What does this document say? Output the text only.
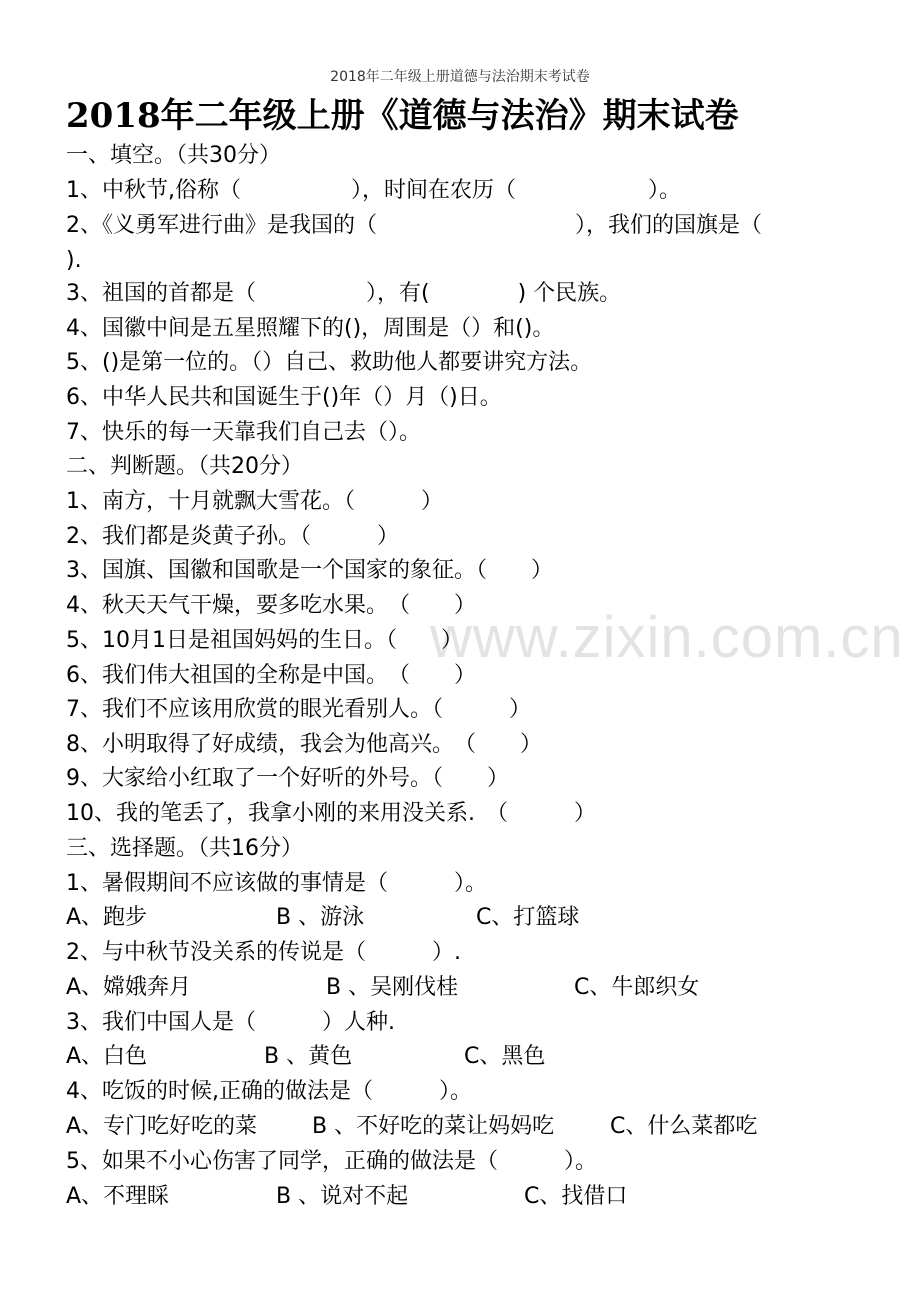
2018年二年级上册道德与法治期末考试卷
2018年二年级上册《道德与法治》期末试卷
www.zixin.com.cn
一、填空。（共30分）
1、中秋节,俗称（　　　　　），时间在农历（　　　　　　）。
2、《义勇军进行曲》是我国的（　　　　　　　　　），我们的国旗是（
).
3、祖国的首都是（　　　　　），有(　　　　) 个民族。
4、国徽中间是五星照耀下的()，周围是（）和()。
5、()是第一位的。（）自己、救助他人都要讲究方法。
6、中华人民共和国诞生于()年（）月（)日。
7、快乐的每一天靠我们自己去（）。
二、判断题。（共20分）
1、南方，十月就飘大雪花。（　　　）
2、我们都是炎黄子孙。（　　　）
3、国旗、国徽和国歌是一个国家的象征。（　　）
4、秋天天气干燥，要多吃水果。　（　　）
5、10月1日是祖国妈妈的生日。（　　）
6、我们伟大祖国的全称是中国。　（　　）
7、我们不应该用欣赏的眼光看别人。（　　　）
8、小明取得了好成绩，我会为他高兴。　（　　）
9、大家给小红取了一个好听的外号。（　　）
10、我的笔丢了，我拿小刚的来用没关系.　（　　　）
三、选择题。（共16分）
1、暑假期间不应该做的事情是（　　　）。
A、跑步	B 、游泳	C、打篮球
2、与中秋节没关系的传说是（　　　）.
A、嫦娥奔月	B 、吴刚伐桂	C、牛郎织女
3、我们中国人是（　　　）人种.
A、白色	B 、黄色	C、黑色
4、吃饭的时候,正确的做法是（　　　）。
A、专门吃好吃的菜 B 、不好吃的菜让妈妈吃	C、什么菜都吃
5、如果不小心伤害了同学，正确的做法是（　　　）。
A、不理睬	B 、说对不起	C、找借口
